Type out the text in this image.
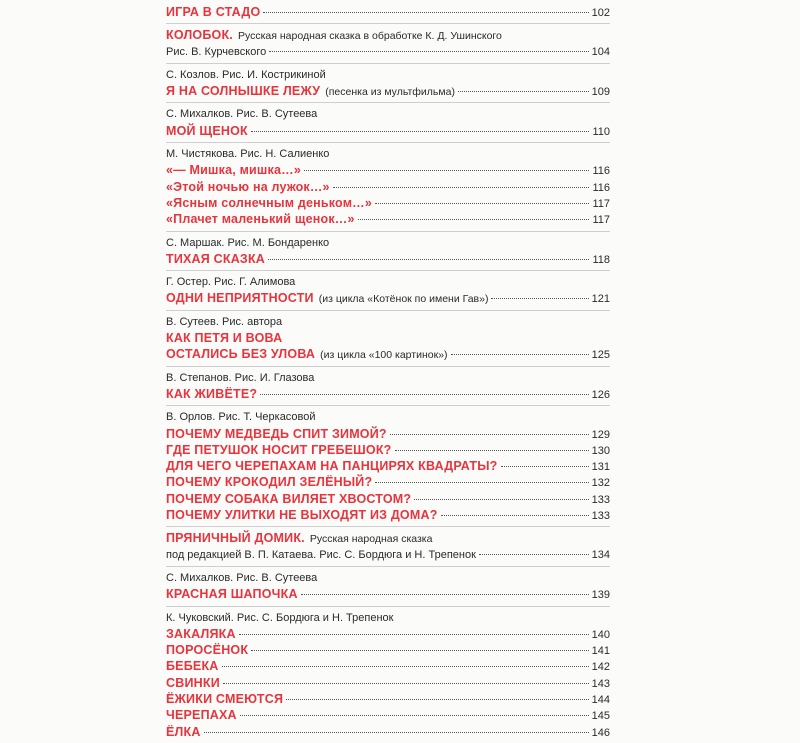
ИГРА В СТАДО	102
КОЛОБОК. Русская народная сказка в обработке К. Д. Ушинского
Рис. В. Курчевского	104
С. Козлов. Рис. И. Кострикиной
Я НА СОЛНЫШКЕ ЛЕЖУ (песенка из мультфильма)	109
С. Михалков. Рис. В. Сутеева
МОЙ ЩЕНОК	110
М. Чистякова. Рис. Н. Салиенко
«— Мишка, мишка…»	116
«Этой ночью на лужок…»	116
«Ясным солнечным деньком…»	117
«Плачет маленький щенок…»	117
С. Маршак. Рис. М. Бондаренко
ТИХАЯ СКАЗКА	118
Г. Остер. Рис. Г. Алимова
ОДНИ НЕПРИЯТНОСТИ (из цикла «Котёнок по имени Гав»)	121
В. Сутеев. Рис. автора
КАК ПЕТЯ И ВОВА
ОСТАЛИСЬ БЕЗ УЛОВА (из цикла «100 картинок»)	125
В. Степанов. Рис. И. Глазова
КАК ЖИВЁТЕ?	126
В. Орлов. Рис. Т. Черкасовой
ПОЧЕМУ МЕДВЕДЬ СПИТ ЗИМОЙ?	129
ГДЕ ПЕТУШОК НОСИТ ГРЕБЕШОК?	130
ДЛЯ ЧЕГО ЧЕРЕПАХАМ НА ПАНЦИРЯХ КВАДРАТЫ?	131
ПОЧЕМУ КРОКОДИЛ ЗЕЛЁНЫЙ?	132
ПОЧЕМУ СОБАКА ВИЛЯЕТ ХВОСТОМ?	133
ПОЧЕМУ УЛИТКИ НЕ ВЫХОДЯТ ИЗ ДОМА?	133
ПРЯНИЧНЫЙ ДОМИК. Русская народная сказка
под редакцией В. П. Катаева. Рис. С. Бордюга и Н. Трепенок	134
С. Михалков. Рис. В. Сутеева
КРАСНАЯ ШАПОЧКА	139
К. Чуковский. Рис. С. Бордюга и Н. Трепенок
ЗАКАЛЯКА	140
ПОРОСЁНОК	141
БЕБЕКА	142
СВИНКИ	143
ЁЖИКИ СМЕЮТСЯ	144
ЧЕРЕПАХА	145
ЁЛКА	146
